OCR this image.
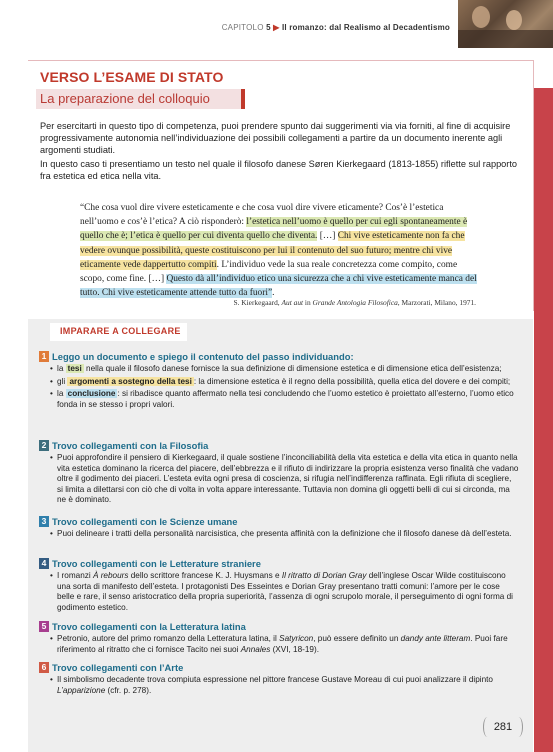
CAPITOLO 5 ▶ Il romanzo: dal Realismo al Decadentismo
VERSO L’ESAME DI STATO
La preparazione del colloquio

Per esercitarti in questo tipo di competenza, puoi prendere spunto dai suggerimenti via via forniti, al fine di acquisire progressivamente autonomia nell’individuazione dei possibili collegamenti a partire da un documento inerente agli argomenti studiati.

In questo caso ti presentiamo un testo nel quale il filosofo danese Søren Kierkegaard (1813-1855) riflette sul rapporto fra estetica ed etica nella vita.

“Che cosa vuol dire vivere esteticamente e che cosa vuol dire vivere eticamente? Cos’è l’estetica nell’uomo e cos’è l’etica? A ciò risponderò: l’estetica nell’uomo è quello per cui egli spontaneamente è quello che è; l’etica è quello per cui diventa quello che diventa. […] Chi vive esteticamente non fa che vedere ovunque possibilità, queste costituiscono per lui il contenuto del suo futuro; mentre chi vive eticamente vede dappertutto compiti. L’individuo vede la sua reale concretezza come compito, come scopo, come fine. […] Questo dà all’individuo etico una sicurezza che a chi vive esteticamente manca del tutto. Chi vive esteticamente attende tutto da fuori”.
S. Kierkegaard, Aut aut in Grande Antologia Filosofica, Marzorati, Milano, 1971.
IMPARARE A COLLEGARE
1 Leggo un documento e spiego il contenuto del passo individuando:
• la tesi nella quale il filosofo danese fornisce la sua definizione di dimensione estetica e di dimensione etica dell’esistenza;
• gli argomenti a sostegno della tesi : la dimensione estetica è il regno della possibilità, quella etica del dovere e dei compiti;
• la conclusione : si ribadisce quanto affermato nella tesi concludendo che l’uomo estetico è proiettato all’esterno, l’uomo etico fonda in se stesso i propri valori.
2 Trovo collegamenti con la Filosofia
• Puoi approfondire il pensiero di Kierkegaard, il quale sostiene l’inconciliabilità della vita estetica e della vita etica in quanto nella vita estetica dominano la ricerca del piacere, dell’ebbrezza e il rifiuto di indirizzare la propria esistenza verso finalità che vadano oltre il godimento dei piaceri. L’esteta evita ogni presa di coscienza, si rifugia nell’indifferenza raffinata. Egli rifiuta di scegliere, si limita a dilettarsi con ciò che di volta in volta appare interessante. Tuttavia non domina gli oggetti belli di cui si circonda, ma ne è dominato.
3 Trovo collegamenti con le Scienze umane
• Puoi delineare i tratti della personalità narcisistica, che presenta affinità con la definizione che il filosofo danese dà dell’esteta.
4 Trovo collegamenti con le Letterature straniere
• I romanzi À rebours dello scrittore francese K. J. Huysmans e Il ritratto di Dorian Gray dell’inglese Oscar Wilde costituiscono una sorta di manifesto dell’esteta. I protagonisti Des Esseintes e Dorian Gray presentano tratti comuni: l’amore per le cose belle e rare, il senso aristocratico della propria superiorità, l’assenza di ogni scrupolo morale, il perseguimento di ogni forma di godimento estetico.
5 Trovo collegamenti con la Letteratura latina
• Petronio, autore del primo romanzo della Letteratura latina, il Satyricon, può essere definito un dandy ante litteram. Puoi fare riferimento al ritratto che ci fornisce Tacito nei suoi Annales (XVI, 18-19).
6 Trovo collegamenti con l’Arte
• Il simbolismo decadente trova compiuta espressione nel pittore francese Gustave Moreau di cui puoi analizzare il dipinto L’apparizione (cfr. p. 278).
281
